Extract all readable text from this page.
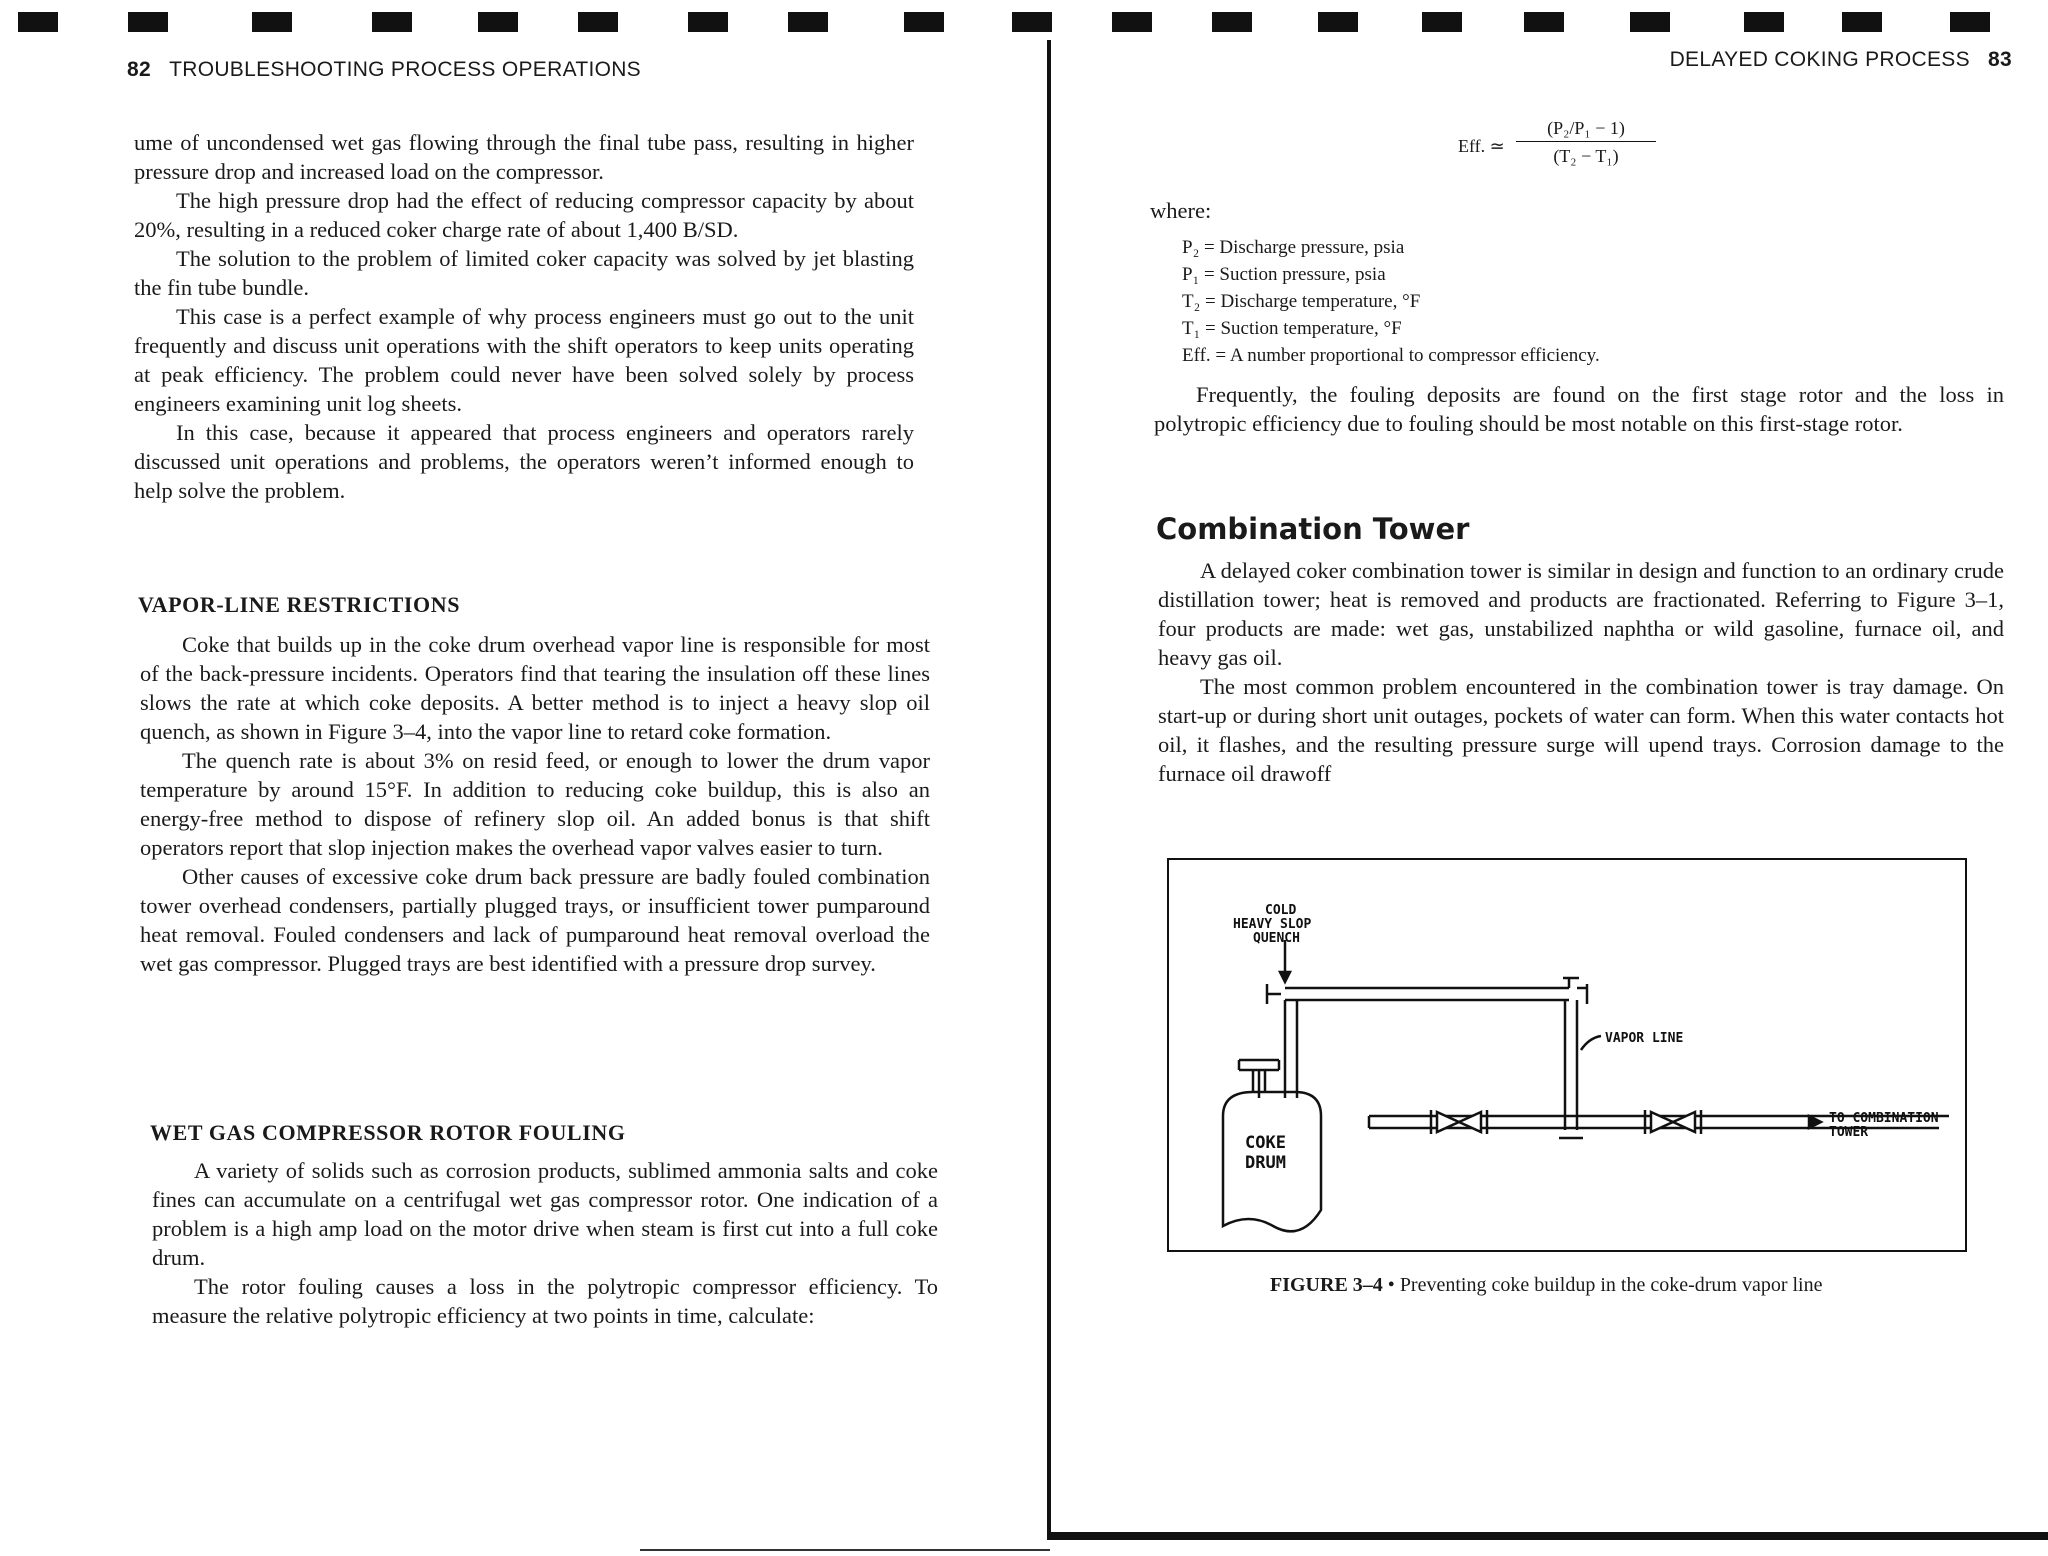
82 TROUBLESHOOTING PROCESS OPERATIONS

ume of uncondensed wet gas flowing through the final tube pass, resulting in higher pressure drop and increased load on the compressor.

The high pressure drop had the effect of reducing compressor capacity by about 20%, resulting in a reduced coker charge rate of about 1,400 B/SD.

The solution to the problem of limited coker capacity was solved by jet blasting the fin tube bundle.

This case is a perfect example of why process engineers must go out to the unit frequently and discuss unit operations with the shift operators to keep units operating at peak efficiency. The problem could never have been solved solely by process engineers examining unit log sheets.

In this case, because it appeared that process engineers and operators rarely discussed unit operations and problems, the operators weren’t informed enough to help solve the problem.

VAPOR-LINE RESTRICTIONS

Coke that builds up in the coke drum overhead vapor line is responsible for most of the back-pressure incidents. Operators find that tearing the insulation off these lines slows the rate at which coke deposits. A better method is to inject a heavy slop oil quench, as shown in Figure 3–4, into the vapor line to retard coke formation.

The quench rate is about 3% on resid feed, or enough to lower the drum vapor temperature by around 15°F. In addition to reducing coke buildup, this is also an energy-free method to dispose of refinery slop oil. An added bonus is that shift operators report that slop injection makes the overhead vapor valves easier to turn.

Other causes of excessive coke drum back pressure are badly fouled combination tower overhead condensers, partially plugged trays, or insufficient tower pumparound heat removal. Fouled condensers and lack of pumparound heat removal overload the wet gas compressor. Plugged trays are best identified with a pressure drop survey.

WET GAS COMPRESSOR ROTOR FOULING

A variety of solids such as corrosion products, sublimed ammonia salts and coke fines can accumulate on a centrifugal wet gas compressor rotor. One indication of a problem is a high amp load on the motor drive when steam is first cut into a full coke drum.

The rotor fouling causes a loss in the polytropic compressor efficiency. To measure the relative polytropic efficiency at two points in time, calculate:

DELAYED COKING PROCESS 83
Eff. ≃
(P₂/P₁ − 1)
(T₂ − T₁)

where:

P₂ = Discharge pressure, psia
P₁ = Suction pressure, psia
T₂ = Discharge temperature, °F
T₁ = Suction temperature, °F
Eff. = A number proportional to compressor efficiency.

Frequently, the fouling deposits are found on the first stage rotor and the loss in polytropic efficiency due to fouling should be most notable on this first-stage rotor.

Combination Tower

A delayed coker combination tower is similar in design and function to an ordinary crude distillation tower; heat is removed and products are fractionated. Referring to Figure 3–1, four products are made: wet gas, unstabilized naphtha or wild gasoline, furnace oil, and heavy gas oil.

The most common problem encountered in the combination tower is tray damage. On start-up or during short unit outages, pockets of water can form. When this water contacts hot oil, it flashes, and the resulting pressure surge will upend trays. Corrosion damage to the furnace oil drawoff

COLD
HEAVY SLOP
QUENCH
VAPOR LINE
COKE
DRUM
TO COMBINATION
TOWER
FIGURE 3–4 • Preventing coke buildup in the coke-drum vapor line
